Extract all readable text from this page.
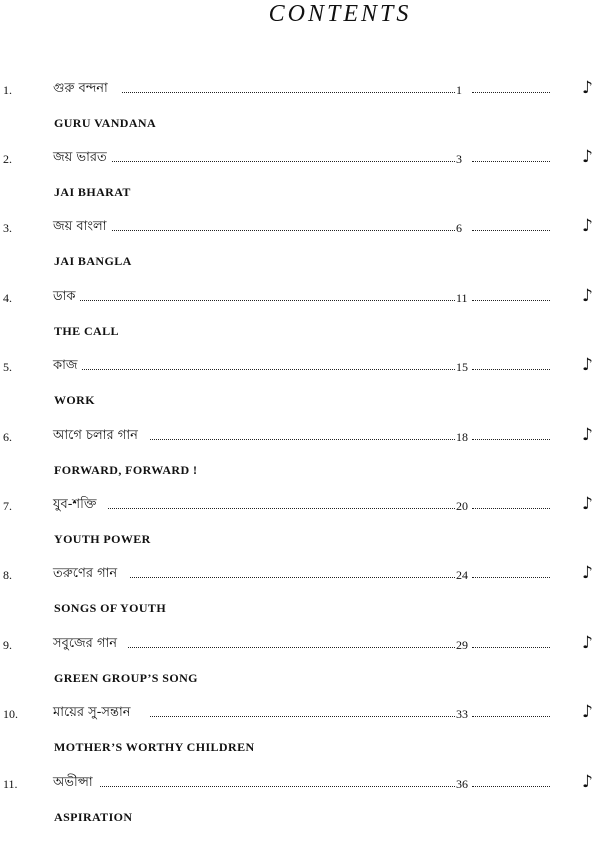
CONTENTS
1.	গুরু বন্দনা	1	♪
GURU VANDANA
2.	জয় ভারত	3	♪
JAI BHARAT
3.	জয় বাংলা	6	♪
JAI BANGLA
4.	ডাক	11	♪
THE CALL
5.	কাজ	15	♪
WORK
6.	আগে চলার গান	18	♪
FORWARD, FORWARD !
7.	যুব-শক্তি	20	♪
YOUTH POWER
8.	তরুণের গান	24	♪
SONGS OF YOUTH
9.	সবুজের গান	29	♪
GREEN GROUP’S SONG
10.	মায়ের সু-সন্তান	33	♪
MOTHER’S WORTHY CHILDREN
11.	অভীপ্সা	36	♪
ASPIRATION
